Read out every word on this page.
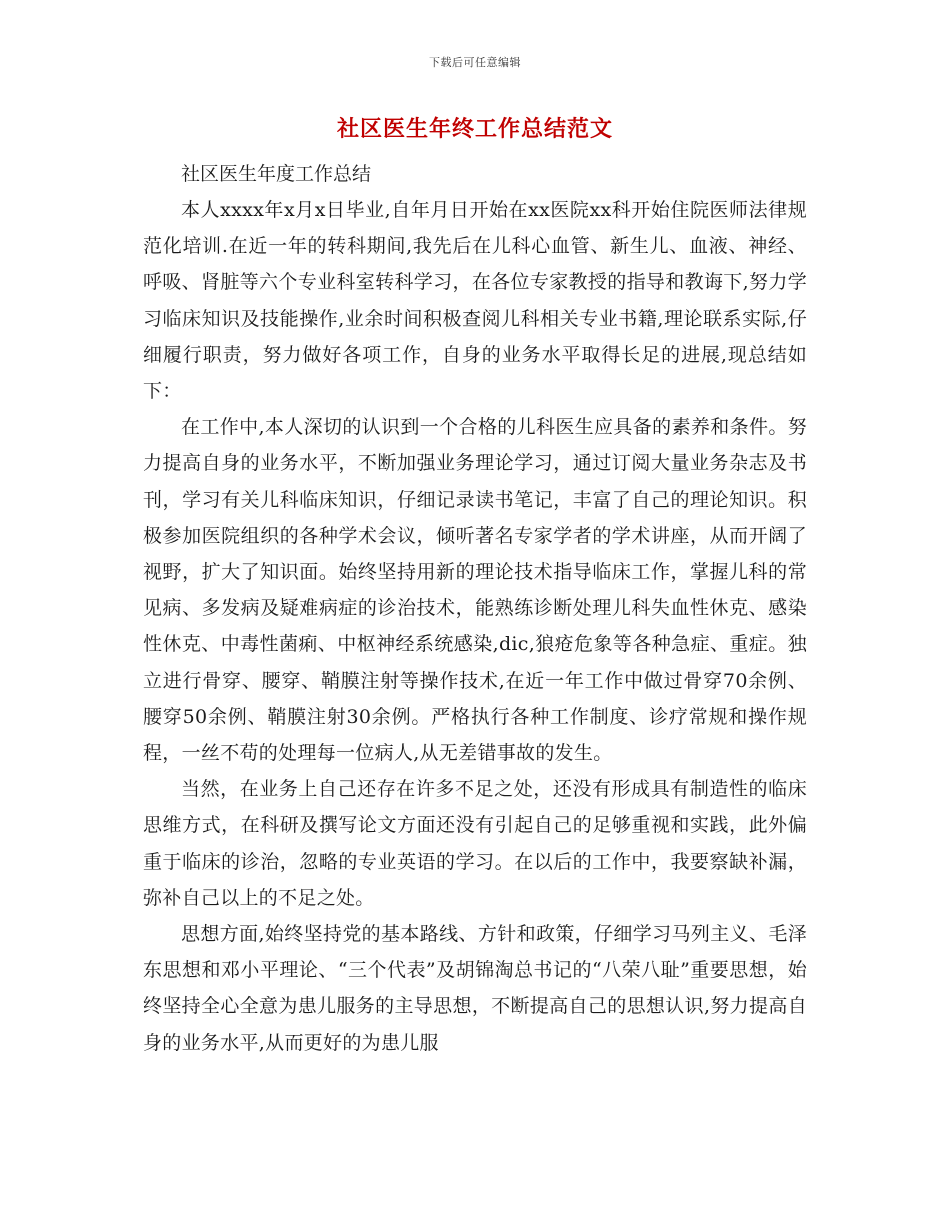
下载后可任意编辑
社区医生年终工作总结范文

社区医生年度工作总结

本人xxxx年x月x日毕业,自年月日开始在xx医院xx科开始住院医师法律规范化培训.在近一年的转科期间,我先后在儿科心血管、新生儿、血液、神经、呼吸、肾脏等六个专业科室转科学习，在各位专家教授的指导和教诲下,努力学习临床知识及技能操作,业余时间积极查阅儿科相关专业书籍,理论联系实际,仔细履行职责，努力做好各项工作，自身的业务水平取得长足的进展,现总结如下：

在工作中,本人深切的认识到一个合格的儿科医生应具备的素养和条件。努力提高自身的业务水平，不断加强业务理论学习，通过订阅大量业务杂志及书刊，学习有关儿科临床知识，仔细记录读书笔记，丰富了自己的理论知识。积极参加医院组织的各种学术会议，倾听著名专家学者的学术讲座，从而开阔了视野，扩大了知识面。始终坚持用新的理论技术指导临床工作，掌握儿科的常见病、多发病及疑难病症的诊治技术，能熟练诊断处理儿科失血性休克、感染性休克、中毒性菌痢、中枢神经系统感染,dic,狼疮危象等各种急症、重症。独立进行骨穿、腰穿、鞘膜注射等操作技术,在近一年工作中做过骨穿70余例、腰穿50余例、鞘膜注射30余例。严格执行各种工作制度、诊疗常规和操作规程，一丝不苟的处理每一位病人,从无差错事故的发生。

当然，在业务上自己还存在许多不足之处，还没有形成具有制造性的临床思维方式，在科研及撰写论文方面还没有引起自己的足够重视和实践，此外偏重于临床的诊治，忽略的专业英语的学习。在以后的工作中，我要察缺补漏，弥补自己以上的不足之处。

思想方面,始终坚持党的基本路线、方针和政策，仔细学习马列主义、毛泽东思想和邓小平理论、“三个代表”及胡锦淘总书记的“八荣八耻”重要思想，始终坚持全心全意为患儿服务的主导思想，不断提高自己的思想认识,努力提高自身的业务水平,从而更好的为患儿服
